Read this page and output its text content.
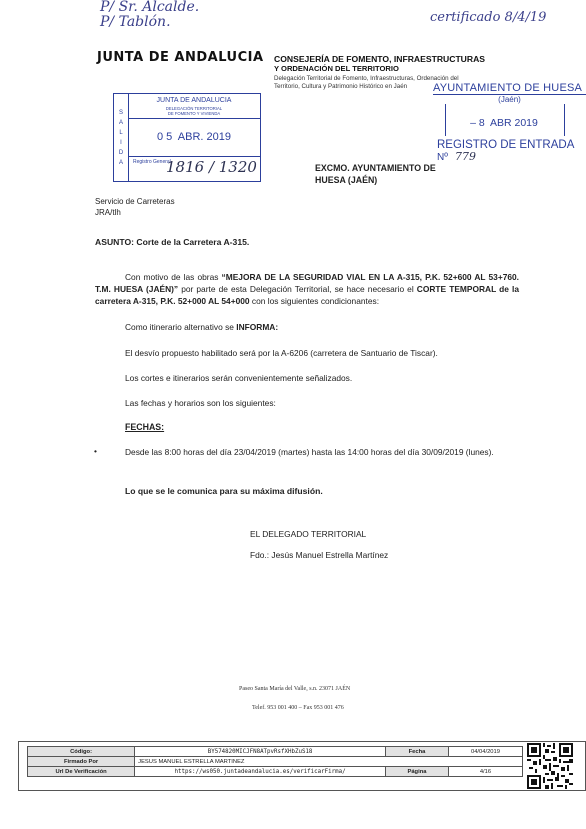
P/ Sr. Alcalde.
P/ Tablón.	certificado 8/4/19
JUNTA DE ANDALUCIA CONSEJERÍA DE FOMENTO, INFRAESTRUCTURAS
Y ORDENACIÓN DEL TERRITORIO
Delegación Territorial de Fomento, Infraestructuras, Ordenación del
Territorio, Cultura y Patrimonio Histórico en Jaén
S
A
L
I
D
A
JUNTA DE ANDALUCIA
DELEGACIÓN TERRITORIAL
DE FOMENTO Y VIVIENDA
0 5  ABR. 2019
Registro General
1816 / 1320
AYUNTAMIENTO DE HUESA
(Jaén)
– 8  ABR 2019
REGISTRO DE ENTRADA
Nº 779
EXCMO. AYUNTAMIENTO DE
HUESA (JAÉN)
Servicio de Carreteras
JRA/tlh
ASUNTO: Corte de la Carretera A-315.
Con motivo de las obras “MEJORA DE LA SEGURIDAD VIAL EN LA A-315, P.K. 52+600 AL 53+760. T.M. HUESA (JAÉN)” por parte de esta Delegación Territorial, se hace necesario el CORTE TEMPORAL de la carretera A-315, P.K. 52+000 AL 54+000 con los siguientes condicionantes:
Como itinerario alternativo se INFORMA:
El desvío propuesto habilitado será por la A-6206 (carretera de Santuario de Tiscar).
Los cortes e itinerarios serán convenientemente señalizados.
Las fechas y horarios son los siguientes:
FECHAS:
•	Desde las 8:00 horas del día 23/04/2019 (martes) hasta las 14:00 horas del día 30/09/2019 (lunes).
Lo que se le comunica para su máxima difusión.
EL DELEGADO TERRITORIAL
Fdo.: Jesús Manuel Estrella Martínez
Paseo Santa María del Valle, s.n. 23071 JAÉN
Telef. 953 001 400 – Fax 953 001 476
Código:	BY574820MICJFN8ATpvRsfXHbZuS18	Fecha	04/04/2019
Firmado Por	JESUS MANUEL ESTRELLA MARTINEZ		
Url De Verificación	https://ws050.juntadeandalucia.es/verificarFirma/	Página	4/16
